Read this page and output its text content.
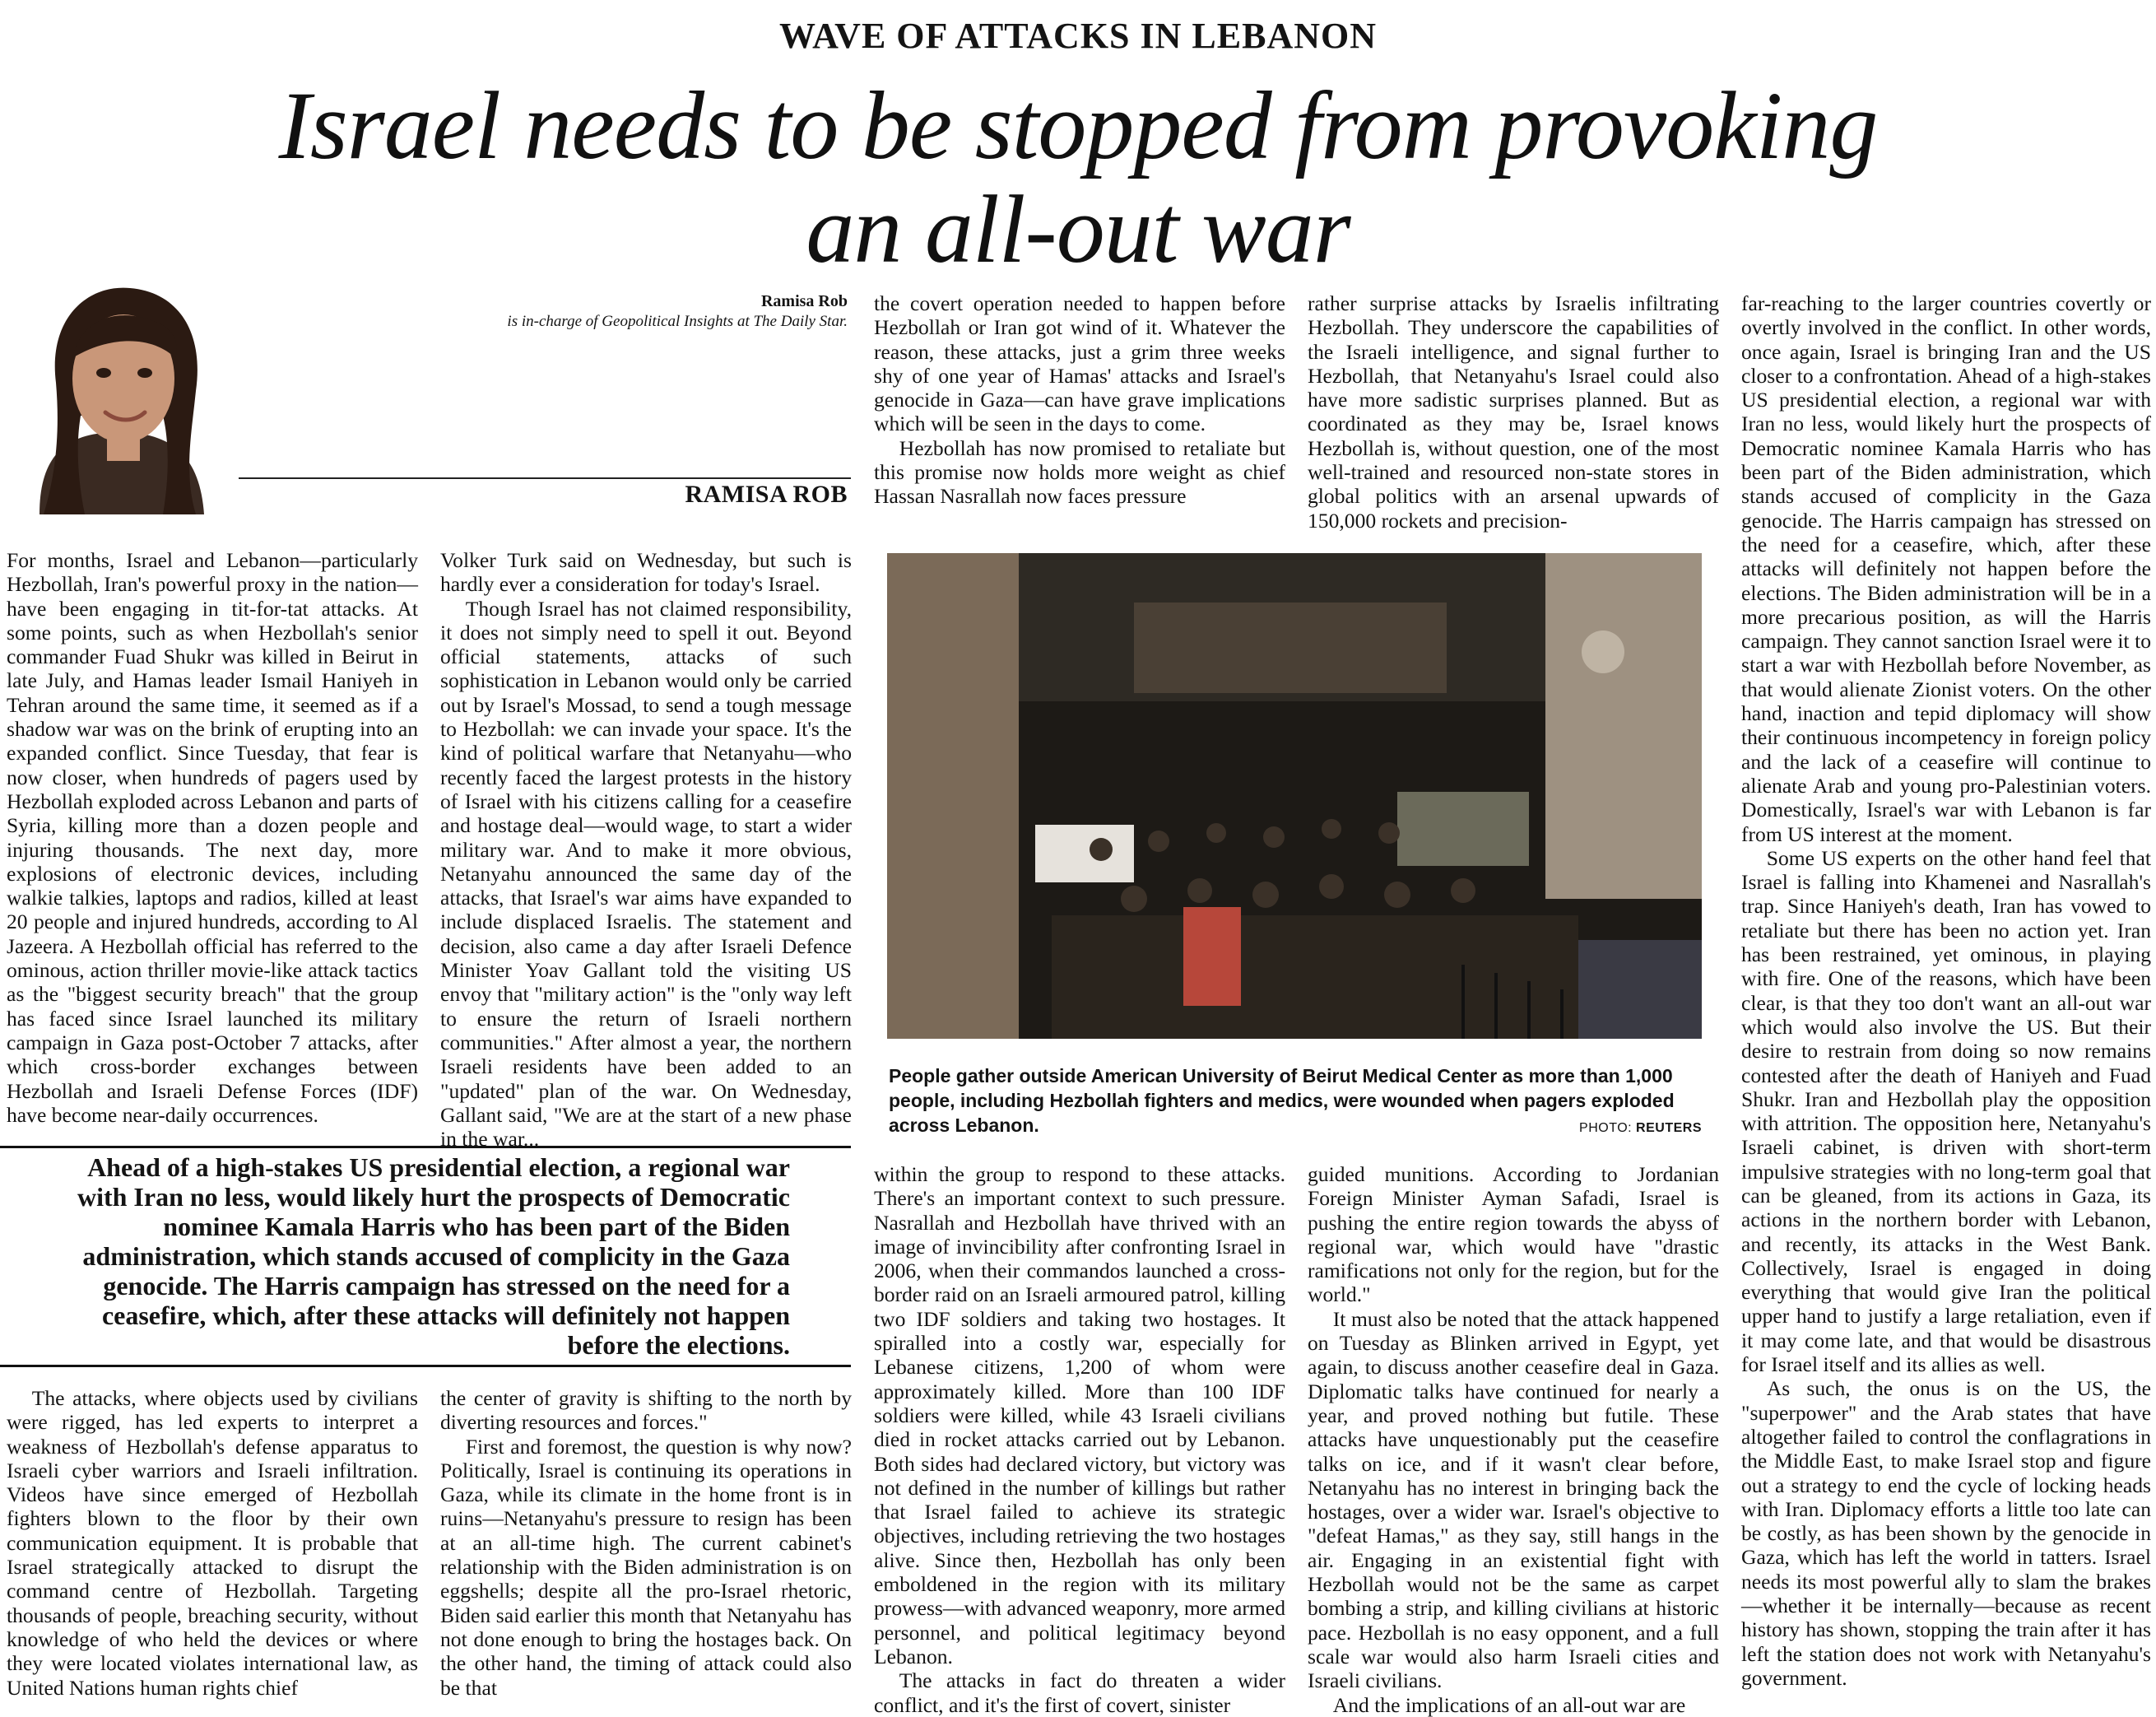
WAVE OF ATTACKS IN LEBANON
Israel needs to be stopped from provoking
an all-out war
Ramisa Rob
is in-charge of Geopolitical Insights at The Daily Star.
RAMISA ROB

For months, Israel and Lebanon—particularly Hezbollah, Iran's powerful proxy in the nation—have been engaging in tit-for-tat attacks. At some points, such as when Hezbollah's senior commander Fuad Shukr was killed in Beirut in late July, and Hamas leader Ismail Haniyeh in Tehran around the same time, it seemed as if a shadow war was on the brink of erupting into an expanded conflict. Since Tuesday, that fear is now closer, when hundreds of pagers used by Hezbollah exploded across Lebanon and parts of Syria, killing more than a dozen people and injuring thousands. The next day, more explosions of electronic devices, including walkie talkies, laptops and radios, killed at least 20 people and injured hundreds, according to Al Jazeera. A Hezbollah official has referred to the ominous, action thriller movie-like attack tactics as the "biggest security breach" that the group has faced since Israel launched its military campaign in Gaza post-October 7 attacks, after which cross-border exchanges between Hezbollah and Israeli Defense Forces (IDF) have become near-daily occurrences.

Volker Turk said on Wednesday, but such is hardly ever a consideration for today's Israel.

Though Israel has not claimed responsibility, it does not simply need to spell it out. Beyond official statements, attacks of such sophistication in Lebanon would only be carried out by Israel's Mossad, to send a tough message to Hezbollah: we can invade your space. It's the kind of political warfare that Netanyahu—who recently faced the largest protests in the history of Israel with his citizens calling for a ceasefire and hostage deal—would wage, to start a wider military war. And to make it more obvious, Netanyahu announced the same day of the attacks, that Israel's war aims have expanded to include displaced Israelis. The statement and decision, also came a day after Israeli Defence Minister Yoav Gallant told the visiting US envoy that "military action" is the "only way left to ensure the return of Israeli northern communities." After almost a year, the northern Israeli residents have been added to an "updated" plan of the war. On Wednesday, Gallant said, "We are at the start of a new phase in the war...

the covert operation needed to happen before Hezbollah or Iran got wind of it. Whatever the reason, these attacks, just a grim three weeks shy of one year of Hamas' attacks and Israel's genocide in Gaza—can have grave implications which will be seen in the days to come.

Hezbollah has now promised to retaliate but this promise now holds more weight as chief Hassan Nasrallah now faces pressure

rather surprise attacks by Israelis infiltrating Hezbollah. They underscore the capabilities of the Israeli intelligence, and signal further to Hezbollah, that Netanyahu's Israel could also have more sadistic surprises planned. But as coordinated as they may be, Israel knows Hezbollah is, without question, one of the most well-trained and resourced non-state stores in global politics with an arsenal upwards of 150,000 rockets and precision-

far-reaching to the larger countries covertly or overtly involved in the conflict. In other words, once again, Israel is bringing Iran and the US closer to a confrontation. Ahead of a high-stakes US presidential election, a regional war with Iran no less, would likely hurt the prospects of Democratic nominee Kamala Harris who has been part of the Biden administration, which stands accused of complicity in the Gaza genocide. The Harris campaign has stressed on the need for a ceasefire, which, after these attacks will definitely not happen before the elections. The Biden administration will be in a more precarious position, as will the Harris campaign. They cannot sanction Israel were it to start a war with Hezbollah before November, as that would alienate Zionist voters. On the other hand, inaction and tepid diplomacy will show their continuous incompetency in foreign policy and the lack of a ceasefire will continue to alienate Arab and young pro-Palestinian voters. Domestically, Israel's war with Lebanon is far from US interest at the moment.

Some US experts on the other hand feel that Israel is falling into Khamenei and Nasrallah's trap. Since Haniyeh's death, Iran has vowed to retaliate but there has been no action yet. Iran has been restrained, yet ominous, in playing with fire. One of the reasons, which have been clear, is that they too don't want an all-out war which would also involve the US. But their desire to restrain from doing so now remains contested after the death of Haniyeh and Fuad Shukr. Iran and Hezbollah play the opposition with attrition. The opposition here, Netanyahu's Israeli cabinet, is driven with short-term impulsive strategies with no long-term goal that can be gleaned, from its actions in Gaza, its actions in the northern border with Lebanon, and recently, its attacks in the West Bank. Collectively, Israel is engaged in doing everything that would give Iran the political upper hand to justify a large retaliation, even if it may come late, and that would be disastrous for Israel itself and its allies as well.

As such, the onus is on the US, the "superpower" and the Arab states that have altogether failed to control the conflagrations in the Middle East, to make Israel stop and figure out a strategy to end the cycle of locking heads with Iran. Diplomacy efforts a little too late can be costly, as has been shown by the genocide in Gaza, which has left the world in tatters. Israel needs its most powerful ally to slam the brakes—whether it be internally—because as recent history has shown, stopping the train after it has left the station does not work with Netanyahu's government.

People gather outside American University of Beirut Medical Center as more than 1,000 people, including Hezbollah fighters and medics, were wounded when pagers exploded across Lebanon.	PHOTO: REUTERS
Ahead of a high-stakes US presidential election, a regional war with Iran no less, would likely hurt the prospects of Democratic nominee Kamala Harris who has been part of the Biden administration, which stands accused of complicity in the Gaza genocide. The Harris campaign has stressed on the need for a ceasefire, which, after these attacks will definitely not happen before the elections.

The attacks, where objects used by civilians were rigged, has led experts to interpret a weakness of Hezbollah's defense apparatus to Israeli cyber warriors and Israeli infiltration. Videos have since emerged of Hezbollah fighters blown to the floor by their own communication equipment. It is probable that Israel strategically attacked to disrupt the command centre of Hezbollah. Targeting thousands of people, breaching security, without knowledge of who held the devices or where they were located violates international law, as United Nations human rights chief

the center of gravity is shifting to the north by diverting resources and forces."

First and foremost, the question is why now? Politically, Israel is continuing its operations in Gaza, while its climate in the home front is in ruins—Netanyahu's pressure to resign has been at an all-time high. The current cabinet's relationship with the Biden administration is on eggshells; despite all the pro-Israel rhetoric, Biden said earlier this month that Netanyahu has not done enough to bring the hostages back. On the other hand, the timing of attack could also be that

within the group to respond to these attacks. There's an important context to such pressure. Nasrallah and Hezbollah have thrived with an image of invincibility after confronting Israel in 2006, when their commandos launched a cross-border raid on an Israeli armoured patrol, killing two IDF soldiers and taking two hostages. It spiralled into a costly war, especially for Lebanese citizens, 1,200 of whom were approximately killed. More than 100 IDF soldiers were killed, while 43 Israeli civilians died in rocket attacks carried out by Lebanon. Both sides had declared victory, but victory was not defined in the number of killings but rather that Israel failed to achieve its strategic objectives, including retrieving the two hostages alive. Since then, Hezbollah has only been emboldened in the region with its military prowess—with advanced weaponry, more armed personnel, and political legitimacy beyond Lebanon.

The attacks in fact do threaten a wider conflict, and it's the first of covert, sinister

guided munitions. According to Jordanian Foreign Minister Ayman Safadi, Israel is pushing the entire region towards the abyss of regional war, which would have "drastic ramifications not only for the region, but for the world."

It must also be noted that the attack happened on Tuesday as Blinken arrived in Egypt, yet again, to discuss another ceasefire deal in Gaza. Diplomatic talks have continued for nearly a year, and proved nothing but futile. These attacks have unquestionably put the ceasefire talks on ice, and if it wasn't clear before, Netanyahu has no interest in bringing back the hostages, over a wider war. Israel's objective to "defeat Hamas," as they say, still hangs in the air. Engaging in an existential fight with Hezbollah would not be the same as carpet bombing a strip, and killing civilians at historic pace. Hezbollah is no easy opponent, and a full scale war would also harm Israeli cities and Israeli civilians.

And the implications of an all-out war are
